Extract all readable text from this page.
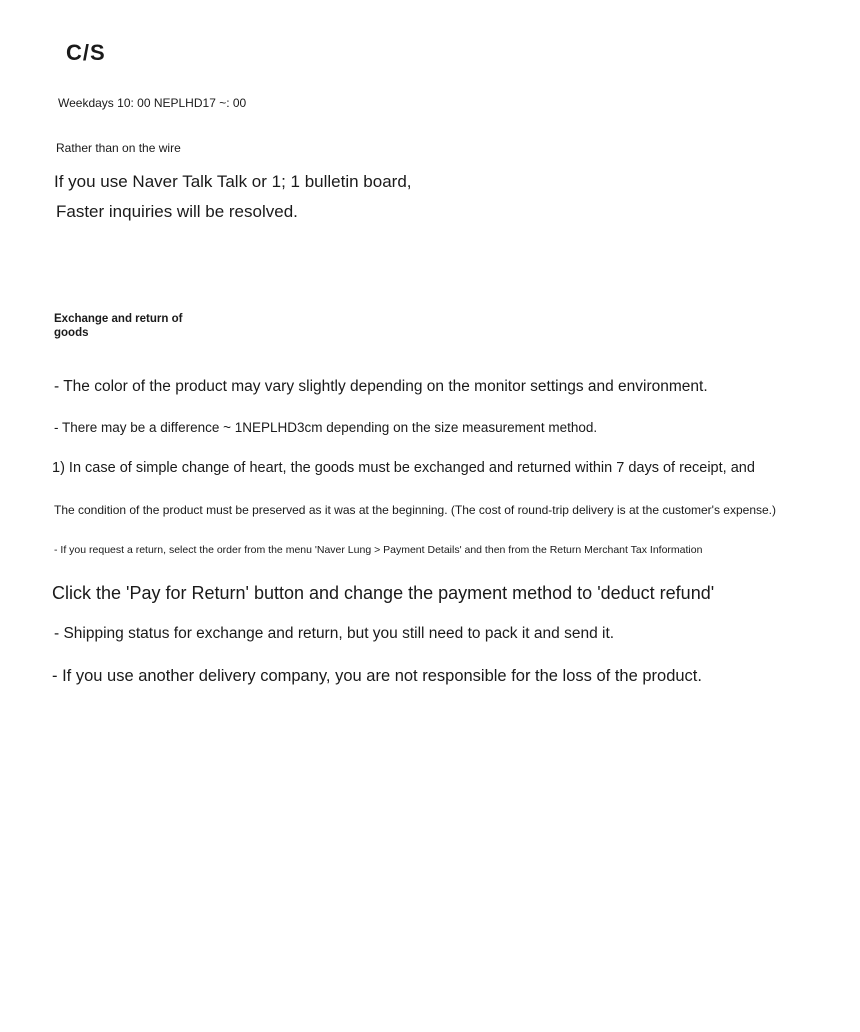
C/S

Weekdays 10: 00 NEPLHD17 ~: 00

Rather than on the wire

If you use Naver Talk Talk or 1; 1 bulletin board,

Faster inquiries will be resolved.

Exchange and return of goods

- The color of the product may vary slightly depending on the monitor settings and environment.

- There may be a difference ~ 1NEPLHD3cm depending on the size measurement method.

1) In case of simple change of heart, the goods must be exchanged and returned within 7 days of receipt, and

The condition of the product must be preserved as it was at the beginning. (The cost of round-trip delivery is at the customer's expense.)

- If you request a return, select the order from the menu 'Naver Lung > Payment Details' and then from the Return Merchant Tax Information

Click the 'Pay for Return' button and change the payment method to 'deduct refund'

- Shipping status for exchange and return, but you still need to pack it and send it.

- If you use another delivery company, you are not responsible for the loss of the product.
